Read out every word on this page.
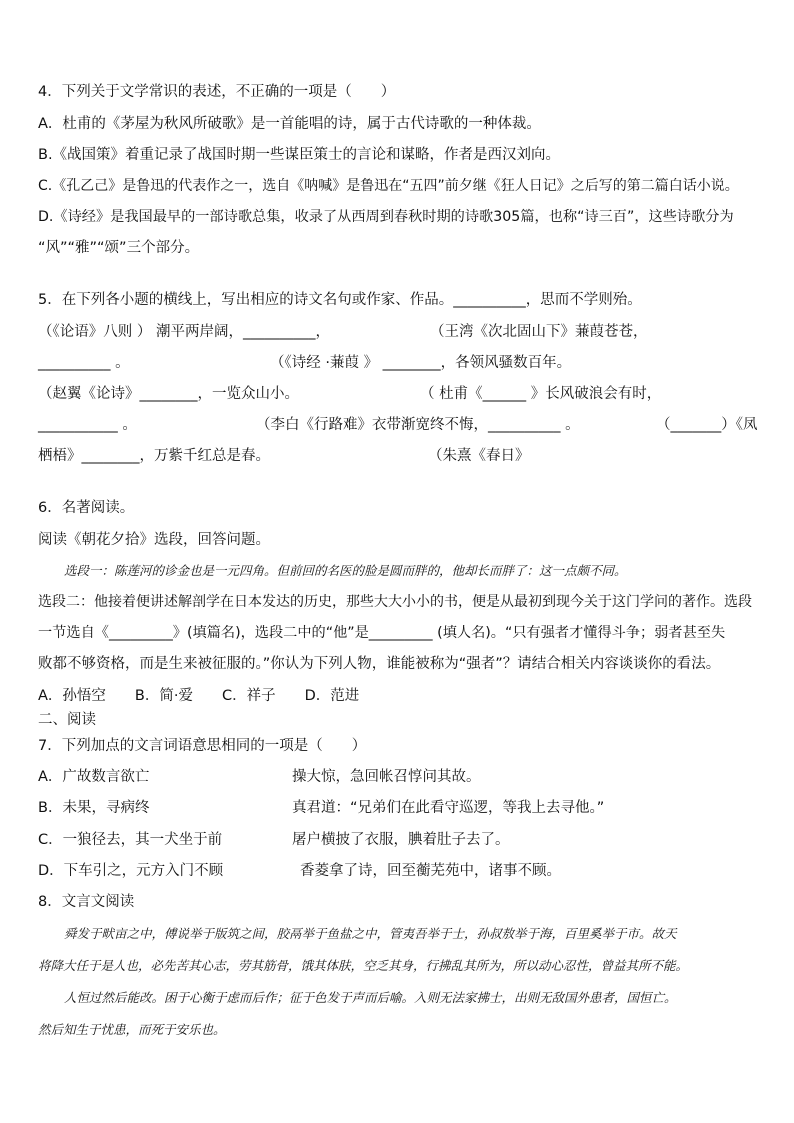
4．下列关于文学常识的表述，不正确的一项是（　　）
A．杜甫的《茅屋为秋风所破歌》是一首能唱的诗，属于古代诗歌的一种体裁。
B.《战国策》着重记录了战国时期一些谋臣策士的言论和谋略，作者是西汉刘向。
C.《孔乙己》是鲁迅的代表作之一，选自《呐喊》是鲁迅在“五四”前夕继《狂人日记》之后写的第二篇白话小说。
D.《诗经》是我国最早的一部诗歌总集，收录了从西周到春秋时期的诗歌305篇，也称“诗三百”，这些诗歌分为
“风”“雅”“颂”三个部分。
5．在下列各小题的横线上，写出相应的诗文名句或作家、作品。__________，思而不学则殆。
（《论语》八则 ） 潮平两岸阔，__________，	（王湾《次北固山下》蒹葭苍苍，
__________ 。	（《诗经 ·蒹葭 》 ________，各领风骚数百年。
（赵翼《论诗》________，一览众山小。	（ 杜甫《______ 》长风破浪会有时，
___________ 。	（李白《行路难》衣带渐宽终不悔，__________ 。	（_______）《凤
栖梧》________，万紫千红总是春。	（朱熹《春日》
6．名著阅读。
阅读《朝花夕拾》选段，回答问题。
选段一：陈莲河的诊金也是一元四角。但前回的名医的脸是圆而胖的，他却长而胖了：这一点颇不同。
选段二：他接着便讲述解剖学在日本发达的历史，那些大大小小的书，便是从最初到现今关于这门学问的著作。选段
一节选自《_________》(填篇名)，选段二中的“他”是_________ (填人名)。“只有强者才懂得斗争；弱者甚至失
败都不够资格，而是生来被征服的。”你认为下列人物，谁能被称为“强者”？请结合相关内容谈谈你的看法。
A．孙悟空　　B．简·爱　　C．祥子　　D．范进
二、阅读
7．下列加点的文言词语意思相同的一项是（　　）
A．广故数言欲亡	操大惊，急回帐召惇问其故。
B．未果，寻病终	真君道：“兄弟们在此看守巡逻，等我上去寻他。”
C．一狼径去，其一犬坐于前	屠户横披了衣服，腆着肚子去了。
D．下车引之，元方入门不顾	香菱拿了诗，回至蘅芜苑中，诸事不顾。
8．文言文阅读
舜发于畎亩之中，傅说举于版筑之间，胶鬲举于鱼盐之中，管夷吾举于士，孙叔敖举于海，百里奚举于市。故天
将降大任于是人也，必先苦其心志，劳其筋骨，饿其体肤，空乏其身，行拂乱其所为，所以动心忍性，曾益其所不能。
人恒过然后能改。困于心衡于虑而后作；征于色发于声而后喻。入则无法家拂士，出则无敌国外患者，国恒亡。
然后知生于忧患，而死于安乐也。
